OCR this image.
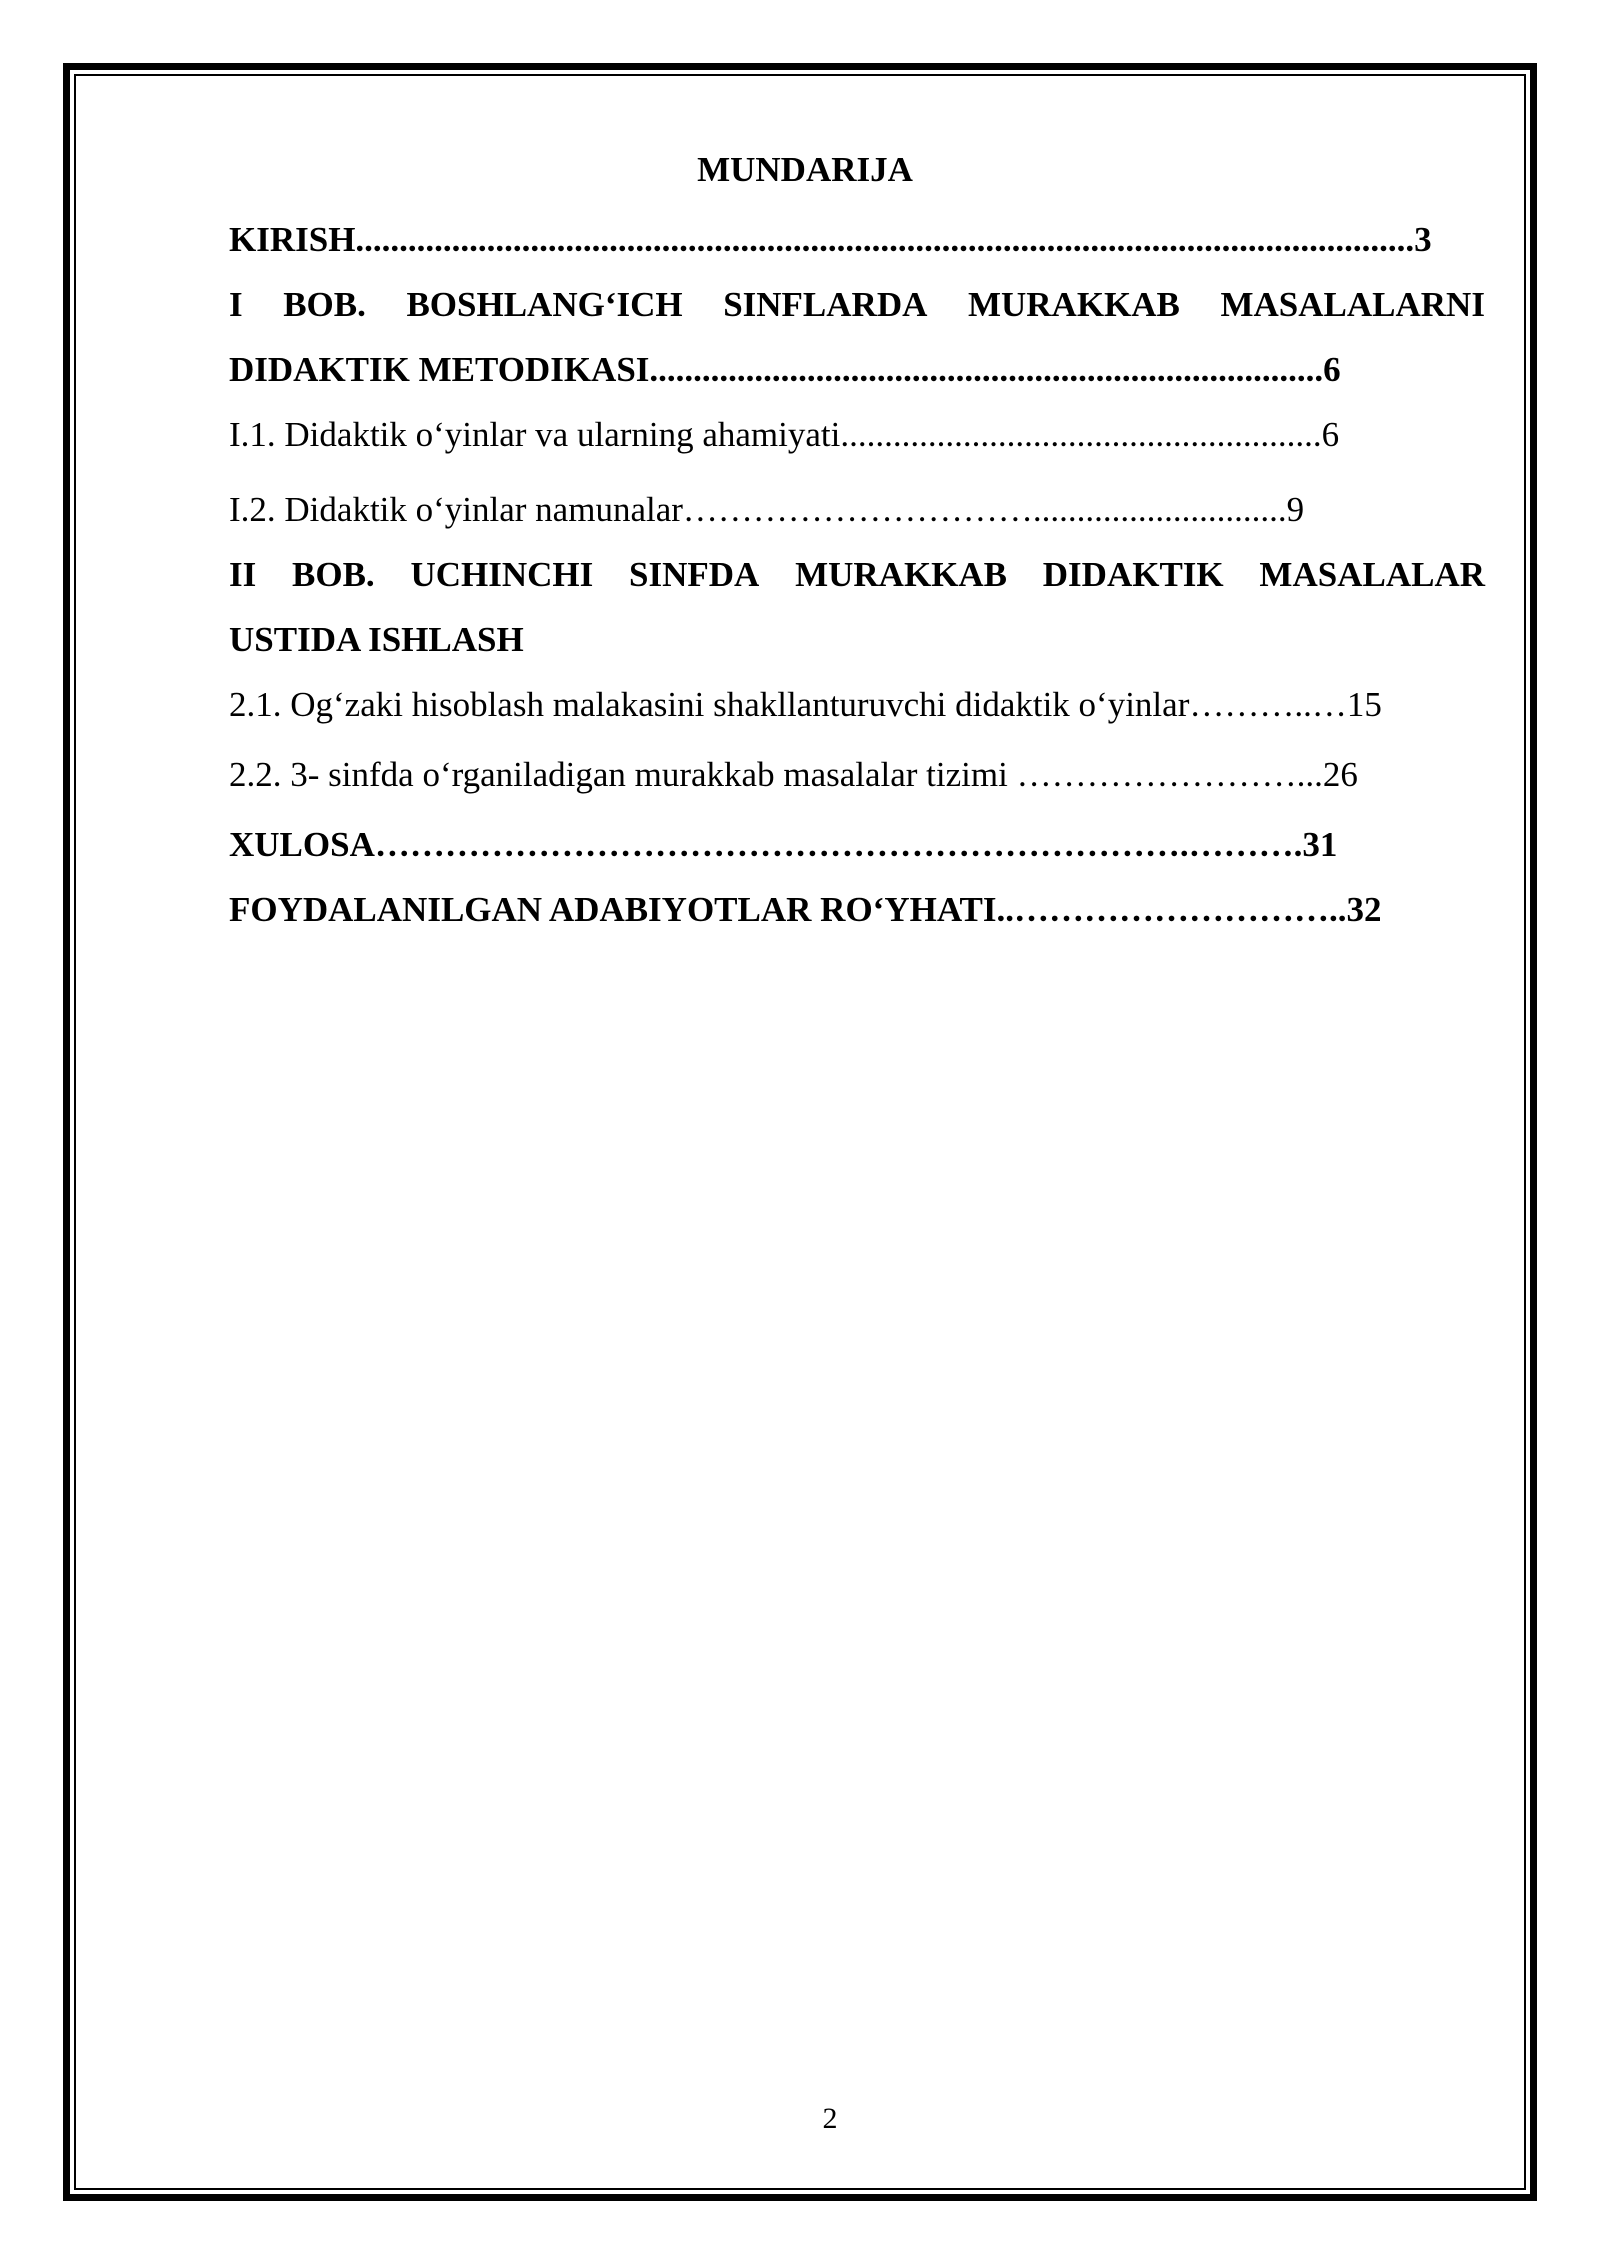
MUNDARIJA
KIRISH.........................................................................................................................3
I BOB. BOSHLANG‘ICH SINFLARDA MURAKKAB MASALALARNI
DIDAKTIK METODIKASI.............................................................................6
I.1. Didaktik o‘yinlar va ularning ahamiyati.......................................................6
I.2. Didaktik o‘yinlar namunalar………………………….............................9
II BOB. UCHINCHI SINFDA MURAKKAB DIDAKTIK MASALALAR
USTIDA ISHLASH
2.1. Og‘zaki hisoblash malakasini shakllanturuvchi didaktik o‘yinlar………..…15
2.2. 3- sinfda o‘rganiladigan murakkab masalalar tizimi ……………………...26
XULOSA…………………………………………………………….……….31
FOYDALANILGAN ADABIYOTLAR RO‘YHATI..………………………..32
2
